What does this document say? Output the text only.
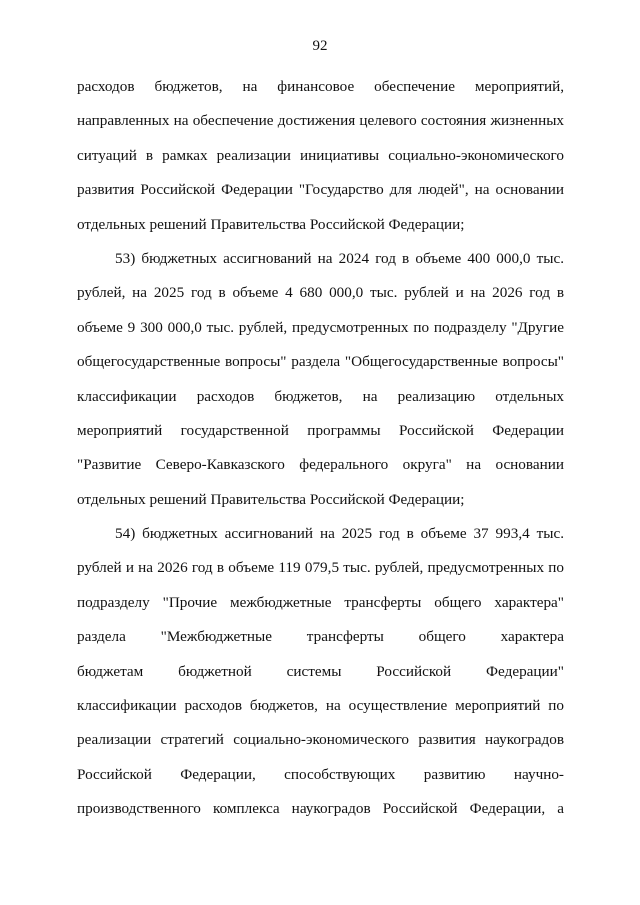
92
расходов бюджетов, на финансовое обеспечение мероприятий,
направленных на обеспечение достижения целевого состояния жизненных
ситуаций в рамках реализации инициативы социально-экономического
развития Российской Федерации "Государство для людей", на основании
отдельных решений Правительства Российской Федерации;
53) бюджетных ассигнований на 2024 год в объеме 400 000,0 тыс.
рублей, на 2025 год в объеме 4 680 000,0 тыс. рублей и на 2026 год в
объеме 9 300 000,0 тыс. рублей, предусмотренных по подразделу "Другие
общегосударственные вопросы" раздела "Общегосударственные вопросы"
классификации расходов бюджетов, на реализацию отдельных
мероприятий государственной программы Российской Федерации
"Развитие Северо-Кавказского федерального округа" на основании
отдельных решений Правительства Российской Федерации;
54) бюджетных ассигнований на 2025 год в объеме 37 993,4 тыс.
рублей и на 2026 год в объеме 119 079,5 тыс. рублей, предусмотренных по
подразделу "Прочие межбюджетные трансферты общего характера"
раздела "Межбюджетные трансферты общего характера
бюджетам бюджетной системы Российской Федерации"
классификации расходов бюджетов, на осуществление мероприятий по
реализации стратегий социально-экономического развития наукоградов
Российской Федерации, способствующих развитию научно-
производственного комплекса наукоградов Российской Федерации, а
